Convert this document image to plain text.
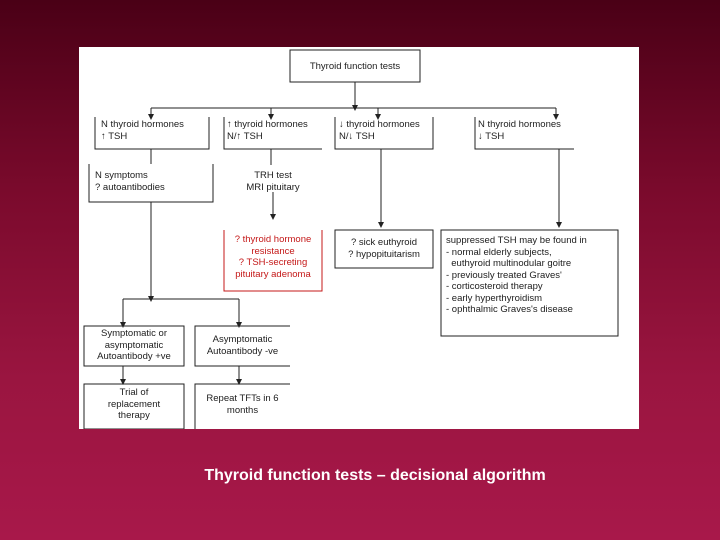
Thyroid function tests
N thyroid hormones
↑ TSH
↑ thyroid hormones
N/↑ TSH
↓ thyroid hormones
N/↓ TSH
N thyroid hormones
↓ TSH
N symptoms
? autoantibodies
TRH test
MRI pituitary
? thyroid hormone
resistance
? TSH-secreting
pituitary adenoma
? sick euthyroid
? hypopituitarism
suppressed TSH may be found in
- normal elderly subjects,
euthyroid multinodular goitre
- previously treated Graves'
- corticosteroid therapy
- early hyperthyroidism
- ophthalmic Graves's disease
Symptomatic or
asymptomatic
Autoantibody +ve
Asymptomatic
Autoantibody -ve
Trial of
replacement
therapy
Repeat TFTs in 6
months
Thyroid function tests – decisional algorithm
